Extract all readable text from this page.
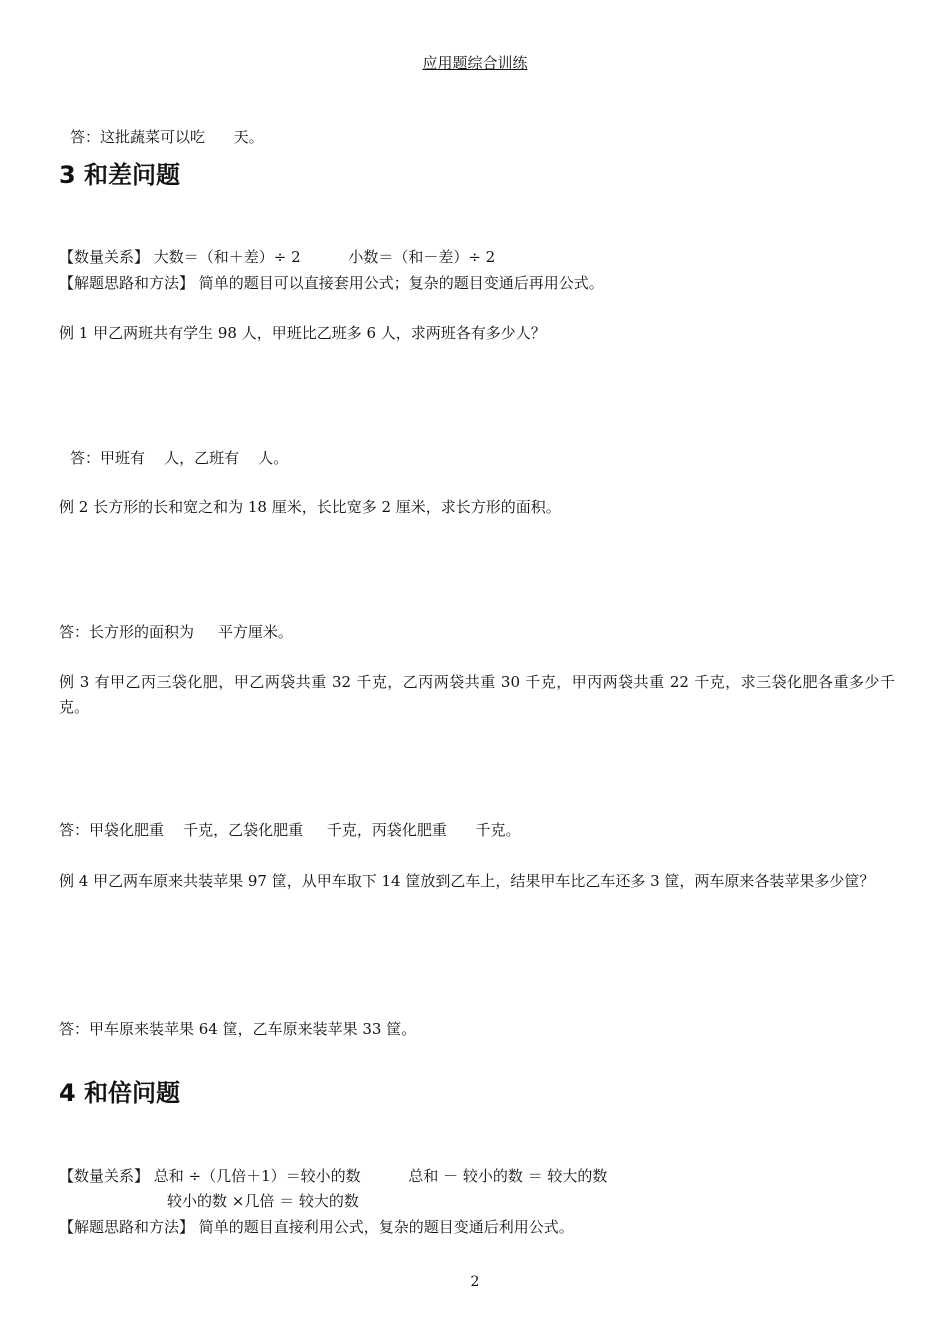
应用题综合训练
答：这批蔬菜可以吃      天。
3 和差问题
【数量关系】 大数＝（和＋差）÷ 2          小数＝（和－差）÷ 2
【解题思路和方法】 简单的题目可以直接套用公式；复杂的题目变通后再用公式。
例 1 甲乙两班共有学生 98 人，甲班比乙班多 6 人，求两班各有多少人？
答：甲班有    人，乙班有    人。
例 2 长方形的长和宽之和为 18 厘米，长比宽多 2 厘米，求长方形的面积。
答：长方形的面积为     平方厘米。
例 3 有甲乙丙三袋化肥，甲乙两袋共重 32 千克，乙丙两袋共重 30 千克，甲丙两袋共重 22 千克，求三袋化肥各重多少千克。
答：甲袋化肥重    千克，乙袋化肥重     千克，丙袋化肥重      千克。
例 4 甲乙两车原来共装苹果 97 筐，从甲车取下 14 筐放到乙车上，结果甲车比乙车还多 3 筐，两车原来各装苹果多少筐？
答：甲车原来装苹果 64 筐，乙车原来装苹果 33 筐。
4 和倍问题
【数量关系】 总和 ÷（几倍＋1）＝较小的数          总和 － 较小的数 ＝ 较大的数
较小的数 ×几倍 ＝ 较大的数
【解题思路和方法】 简单的题目直接利用公式，复杂的题目变通后利用公式。
2
